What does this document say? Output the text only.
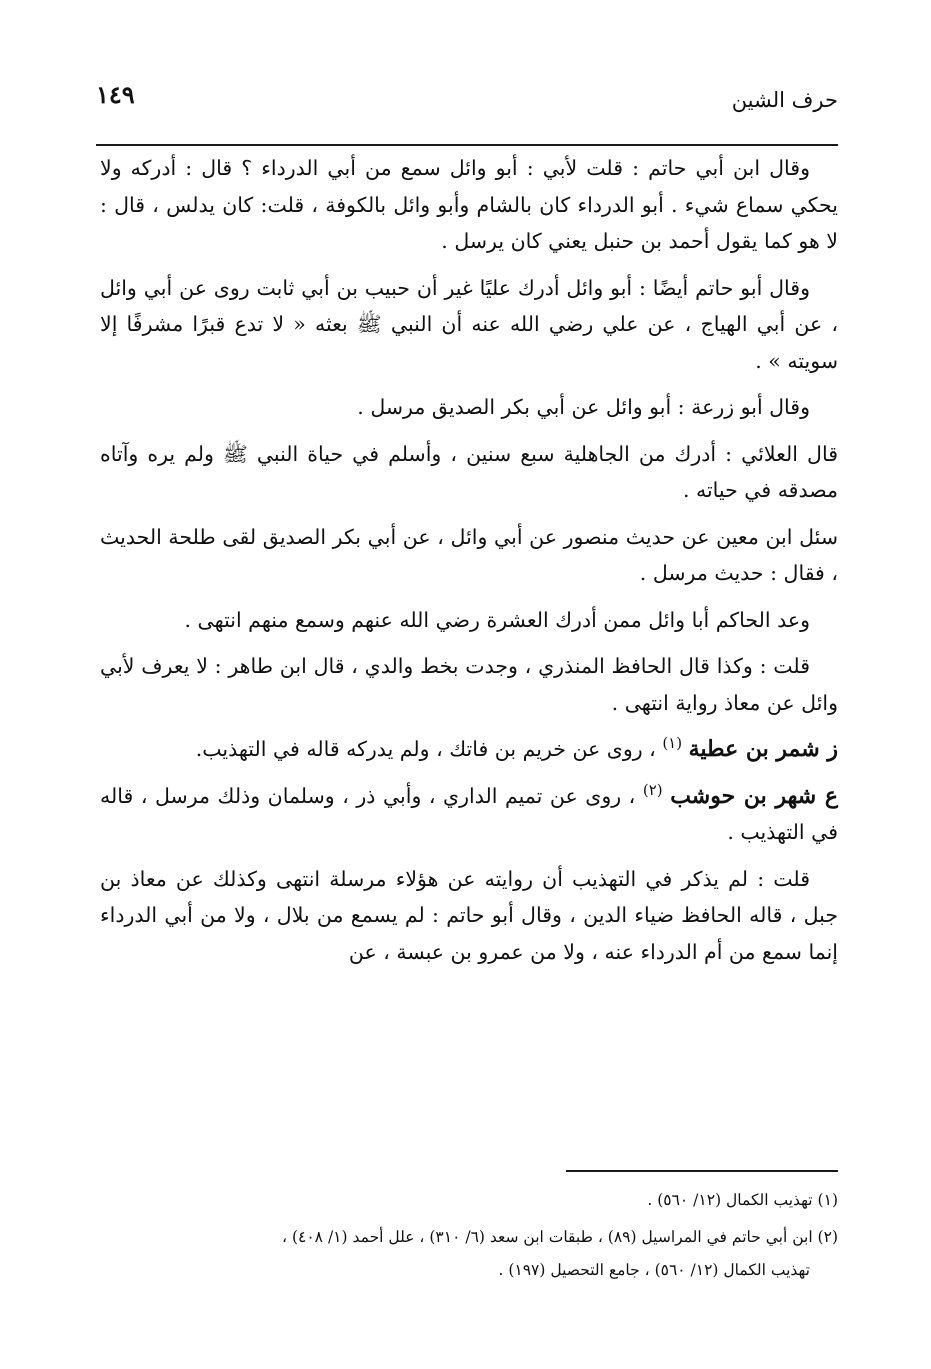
١٤٩	حرف الشين

وقال ابن أبي حاتم : قلت لأبي : أبو وائل سمع من أبي الدرداء ؟ قال : أدركه ولا يحكي سماع شيء . أبو الدرداء كان بالشام وأبو وائل بالكوفة ، قلت: كان يدلس ، قال : لا هو كما يقول أحمد بن حنبل يعني كان يرسل .

وقال أبو حاتم أيضًا : أبو وائل أدرك عليًا غير أن حبيب بن أبي ثابت روى عن أبي وائل ، عن أبي الهياج ، عن علي رضي الله عنه أن النبي ﷺ بعثه « لا تدع قبرًا مشرفًا إلا سويته » .

وقال أبو زرعة : أبو وائل عن أبي بكر الصديق مرسل .

قال العلائي : أدرك من الجاهلية سبع سنين ، وأسلم في حياة النبي ﷺ ولم يره وآتاه مصدقه في حياته .

سئل ابن معين عن حديث منصور عن أبي وائل ، عن أبي بكر الصديق لقى طلحة الحديث ، فقال : حديث مرسل .

وعد الحاكم أبا وائل ممن أدرك العشرة رضي الله عنهم وسمع منهم انتهى .

قلت : وكذا قال الحافظ المنذري ، وجدت بخط والدي ، قال ابن طاهر : لا يعرف لأبي وائل عن معاذ رواية انتهى .

ز شمر بن عطية $^{(١)}$ ، روى عن خريم بن فاتك ، ولم يدركه قاله في التهذيب.

ع شهر بن حوشب $^{(٢)}$ ، روى عن تميم الداري ، وأبي ذر ، وسلمان وذلك مرسل ، قاله في التهذيب .

قلت : لم يذكر في التهذيب أن روايته عن هؤلاء مرسلة انتهى وكذلك عن معاذ بن جبل ، قاله الحافظ ضياء الدين ، وقال أبو حاتم : لم يسمع من بلال ، ولا من أبي الدرداء إنما سمع من أم الدرداء عنه ، ولا من عمرو بن عبسة ، عن

(١) تهذيب الكمال (١٢/ ٥٦٠) .

(٢) ابن أبي حاتم في المراسيل (٨٩) ، طبقات ابن سعد (٦/ ٣١٠) ، علل أحمد (١/ ٤٠٨) ،
تهذيب الكمال (١٢/ ٥٦٠) ، جامع التحصيل (١٩٧) .
